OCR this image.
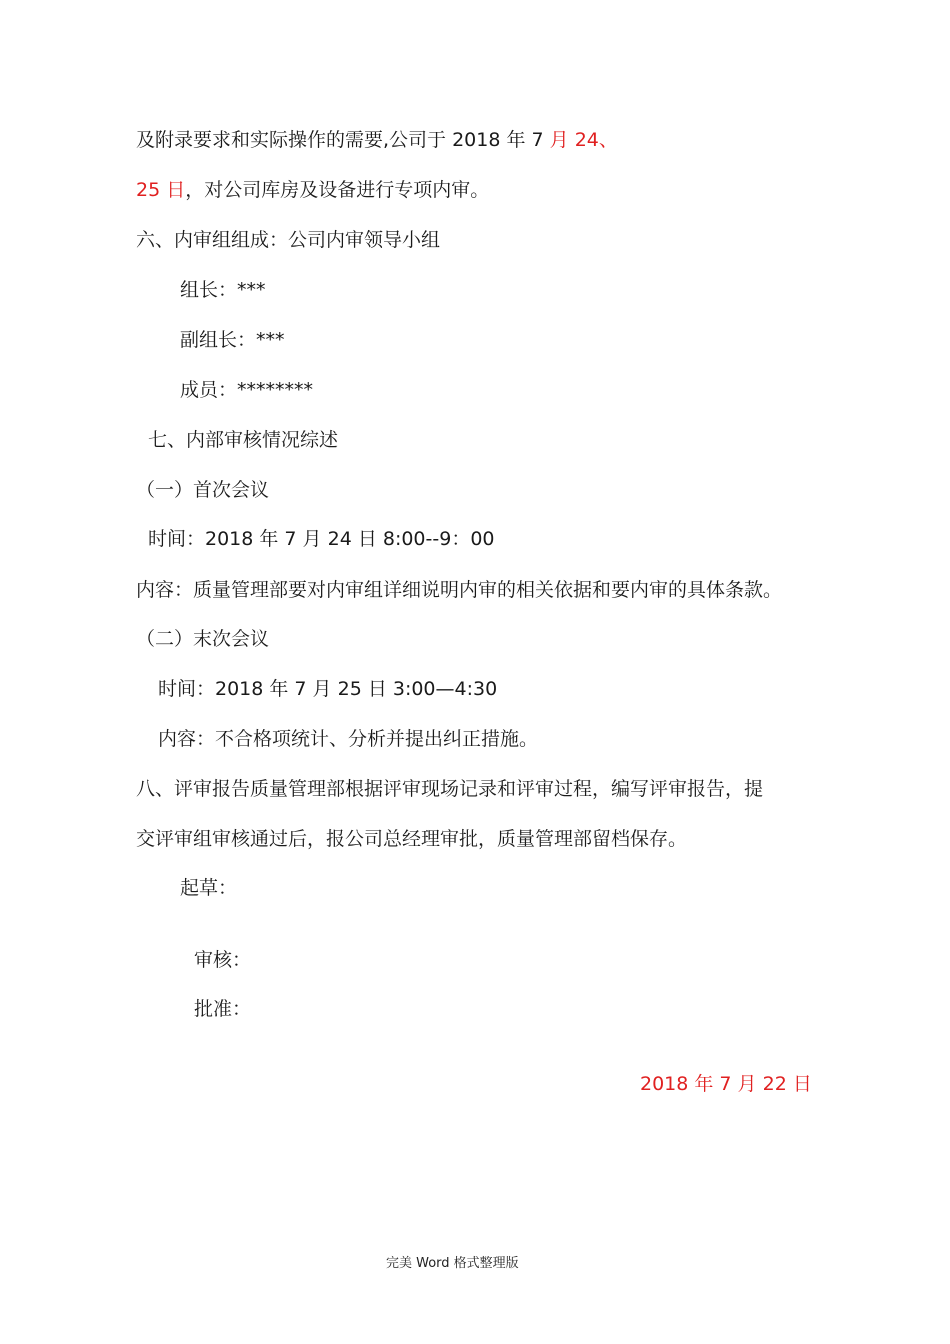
及附录要求和实际操作的需要,公司于 2018 年 7 月 24、
25 日，对公司库房及设备进行专项内审。
六、内审组组成：公司内审领导小组
组长：***
副组长：***
成员：********
七、内部审核情况综述
（一）首次会议
时间：2018 年 7 月 24 日 8:00--9：00
内容：质量管理部要对内审组详细说明内审的相关依据和要内审的具体条款。
（二）末次会议
时间：2018 年 7 月 25 日 3:00—4:30
内容：不合格项统计、分析并提出纠正措施。
八、评审报告质量管理部根据评审现场记录和评审过程，编写评审报告，提
交评审组审核通过后，报公司总经理审批，质量管理部留档保存。
起草：
审核：
批准：
2018 年 7 月 22 日
完美 Word 格式整理版
